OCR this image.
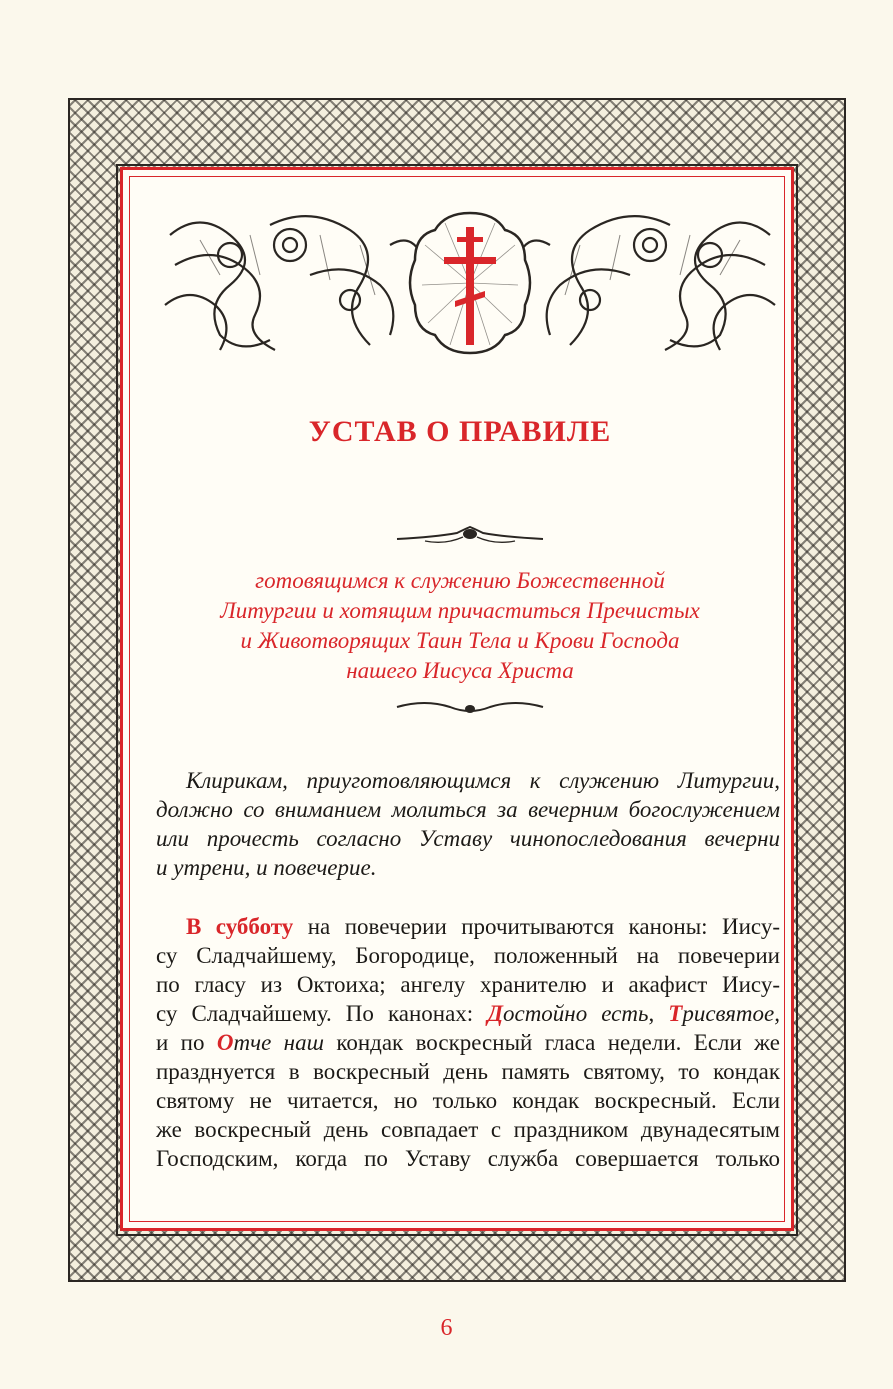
УСТАВ О ПРАВИЛЕ
готовящимся к служению Божественной
Литургии и хотящим причаститься Пречистых
и Животворящих Таин Тела и Крови Господа
нашего Иисуса Христа

Клирикам, приуготовляющимся к служению Литургии,
должно со вниманием молиться за вечерним богослужением
или прочесть согласно Уставу чинопоследования вечерни
и утрени, и повечерие.

В субботу на повечерии прочитываются каноны: Иису-
су Сладчайшему, Богородице, положенный на повечерии
по гласу из Октоиха; ангелу хранителю и акафист Иису-
су Сладчайшему. По канонах: Достойно есть, Трисвятое,
и по Отче наш кондак воскресный гласа недели. Если же
празднуется в воскресный день память святому, то кондак
святому не читается, но только кондак воскресный. Если
же воскресный день совпадает с праздником двунадесятым
Господским, когда по Уставу служба совершается только

6
